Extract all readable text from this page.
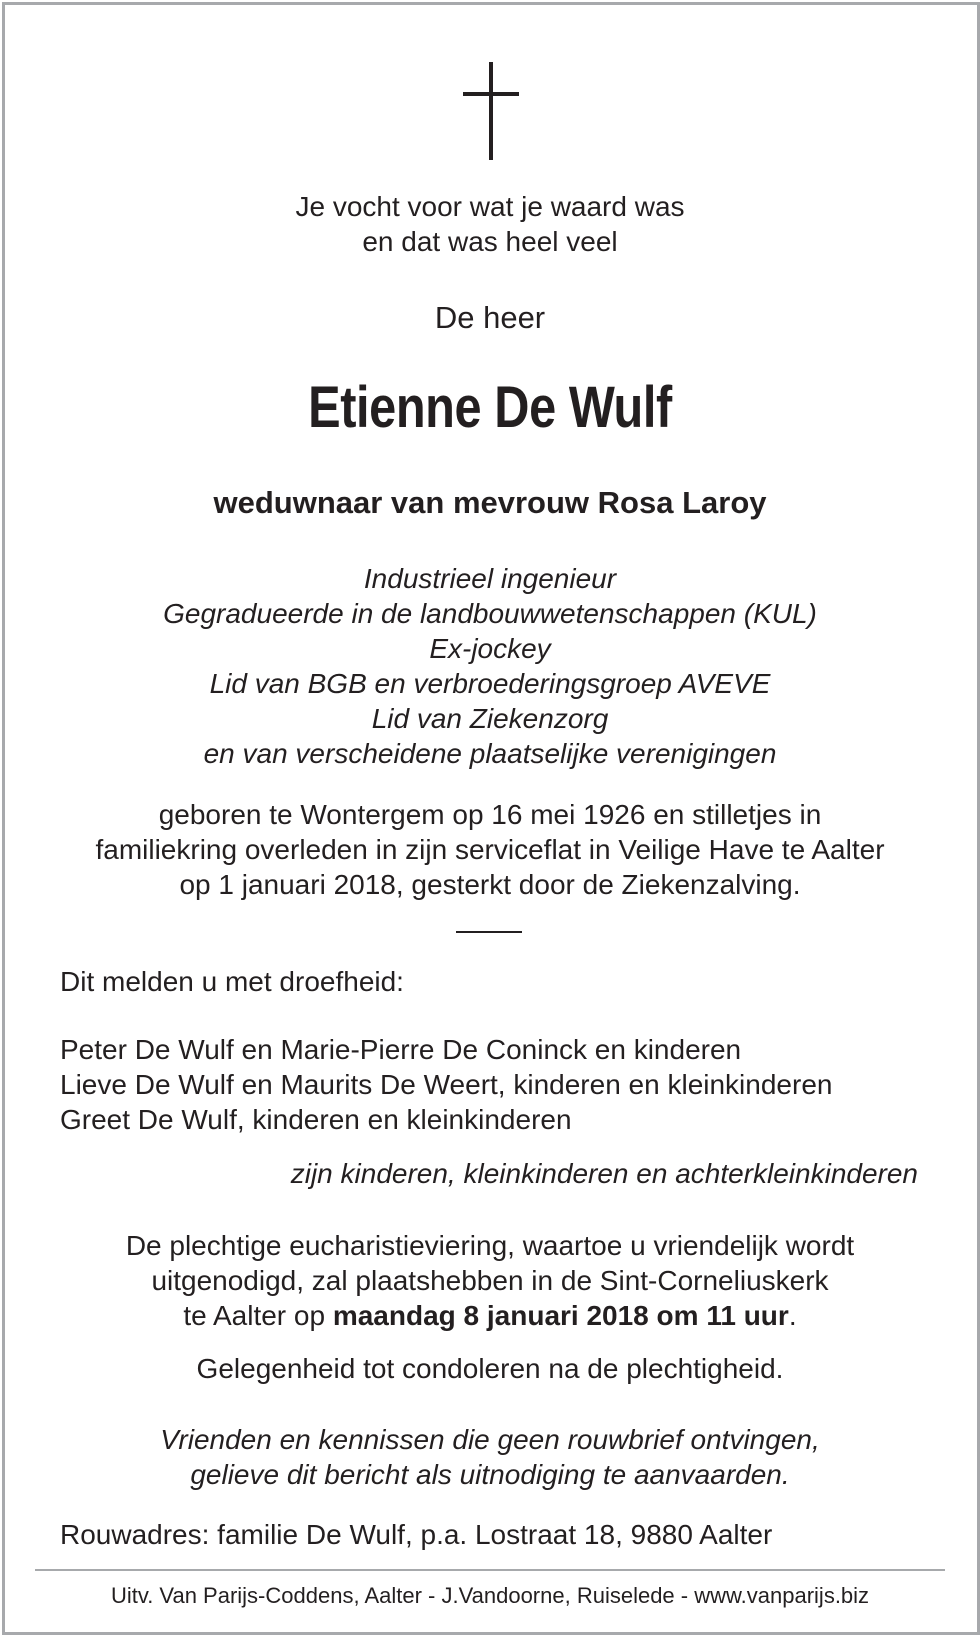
Je vocht voor wat je waard was
en dat was heel veel
De heer
Etienne De Wulf
weduwnaar van mevrouw Rosa Laroy
Industrieel ingenieur
Gegradueerde in de landbouwwetenschappen (KUL)
Ex-jockey
Lid van BGB en verbroederingsgroep AVEVE
Lid van Ziekenzorg
en van verscheidene plaatselijke verenigingen
geboren te Wontergem op 16 mei 1926 en stilletjes in
familiekring overleden in zijn serviceflat in Veilige Have te Aalter
op 1 januari 2018, gesterkt door de Ziekenzalving.
Dit melden u met droefheid:
Peter De Wulf en Marie-Pierre De Coninck en kinderen
Lieve De Wulf en Maurits De Weert, kinderen en kleinkinderen
Greet De Wulf, kinderen en kleinkinderen
zijn kinderen, kleinkinderen en achterkleinkinderen
De plechtige eucharistieviering, waartoe u vriendelijk wordt
uitgenodigd, zal plaatshebben in de Sint-Corneliuskerk
te Aalter op maandag 8 januari 2018 om 11 uur.
Gelegenheid tot condoleren na de plechtigheid.
Vrienden en kennissen die geen rouwbrief ontvingen,
gelieve dit bericht als uitnodiging te aanvaarden.
Rouwadres: familie De Wulf, p.a. Lostraat 18, 9880 Aalter
Uitv. Van Parijs-Coddens, Aalter - J.Vandoorne, Ruiselede - www.vanparijs.biz
